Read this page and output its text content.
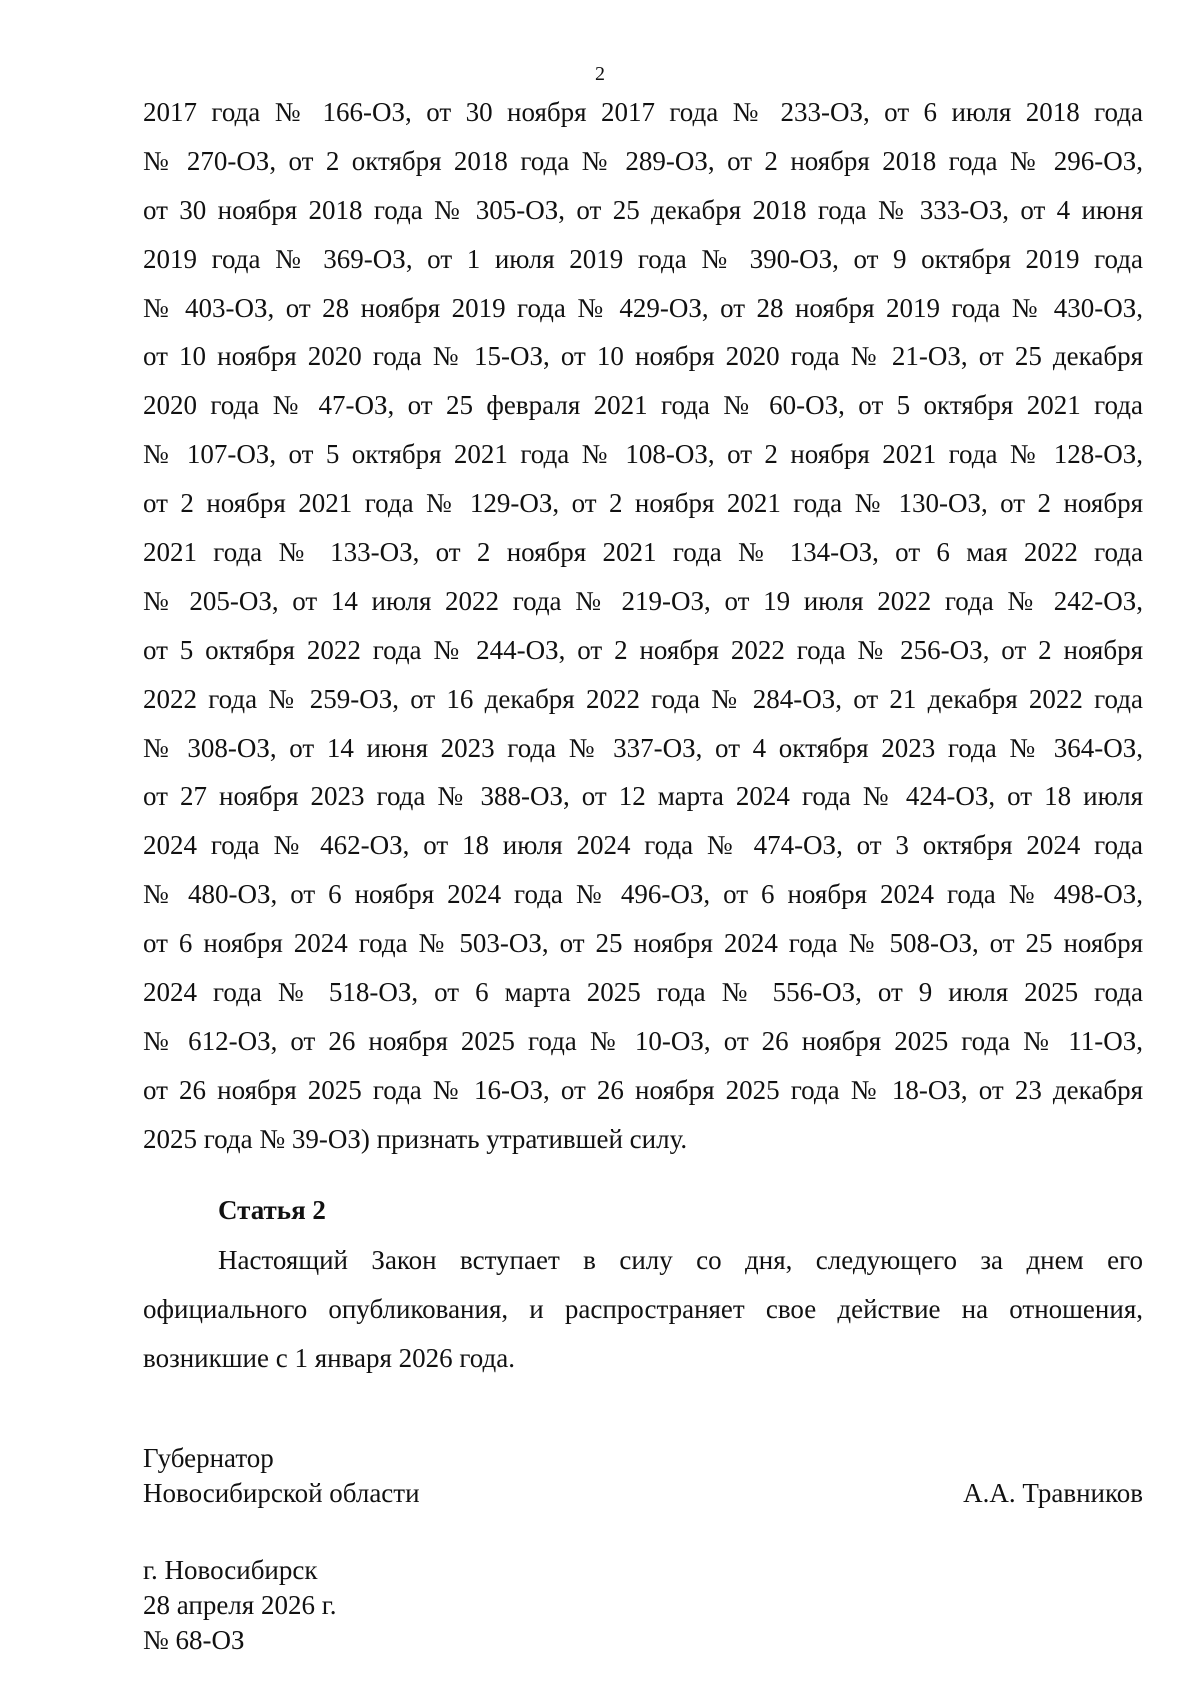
2
2017 года № 166-ОЗ, от 30 ноября 2017 года № 233-ОЗ, от 6 июля 2018 года
№ 270-ОЗ, от 2 октября 2018 года № 289-ОЗ, от 2 ноября 2018 года № 296-ОЗ,
от 30 ноября 2018 года № 305-ОЗ, от 25 декабря 2018 года № 333-ОЗ, от 4 июня
2019 года № 369-ОЗ, от 1 июля 2019 года № 390-ОЗ, от 9 октября 2019 года
№ 403-ОЗ, от 28 ноября 2019 года № 429-ОЗ, от 28 ноября 2019 года № 430-ОЗ,
от 10 ноября 2020 года № 15-ОЗ, от 10 ноября 2020 года № 21-ОЗ, от 25 декабря
2020 года № 47-ОЗ, от 25 февраля 2021 года № 60-ОЗ, от 5 октября 2021 года
№ 107-ОЗ, от 5 октября 2021 года № 108-ОЗ, от 2 ноября 2021 года № 128-ОЗ,
от 2 ноября 2021 года № 129-ОЗ, от 2 ноября 2021 года № 130-ОЗ, от 2 ноября
2021 года № 133-ОЗ, от 2 ноября 2021 года № 134-ОЗ, от 6 мая 2022 года
№ 205-ОЗ, от 14 июля 2022 года № 219-ОЗ, от 19 июля 2022 года № 242-ОЗ,
от 5 октября 2022 года № 244-ОЗ, от 2 ноября 2022 года № 256-ОЗ, от 2 ноября
2022 года № 259-ОЗ, от 16 декабря 2022 года № 284-ОЗ, от 21 декабря 2022 года
№ 308-ОЗ, от 14 июня 2023 года № 337-ОЗ, от 4 октября 2023 года № 364-ОЗ,
от 27 ноября 2023 года № 388-ОЗ, от 12 марта 2024 года № 424-ОЗ, от 18 июля
2024 года № 462-ОЗ, от 18 июля 2024 года № 474-ОЗ, от 3 октября 2024 года
№ 480-ОЗ, от 6 ноября 2024 года № 496-ОЗ, от 6 ноября 2024 года № 498-ОЗ,
от 6 ноября 2024 года № 503-ОЗ, от 25 ноября 2024 года № 508-ОЗ, от 25 ноября
2024 года № 518-ОЗ, от 6 марта 2025 года № 556-ОЗ, от 9 июля 2025 года
№ 612-ОЗ, от 26 ноября 2025 года № 10-ОЗ, от 26 ноября 2025 года № 11-ОЗ,
от 26 ноября 2025 года № 16-ОЗ, от 26 ноября 2025 года № 18-ОЗ, от 23 декабря
2025 года № 39-ОЗ) признать утратившей силу.
Статья 2
Настоящий Закон вступает в силу со дня, следующего за днем его
официального опубликования, и распространяет свое действие на отношения,
возникшие с 1 января 2026 года.
Губернатор
Новосибирской области	А.А. Травников
г. Новосибирск
28 апреля 2026 г.
№ 68-ОЗ
